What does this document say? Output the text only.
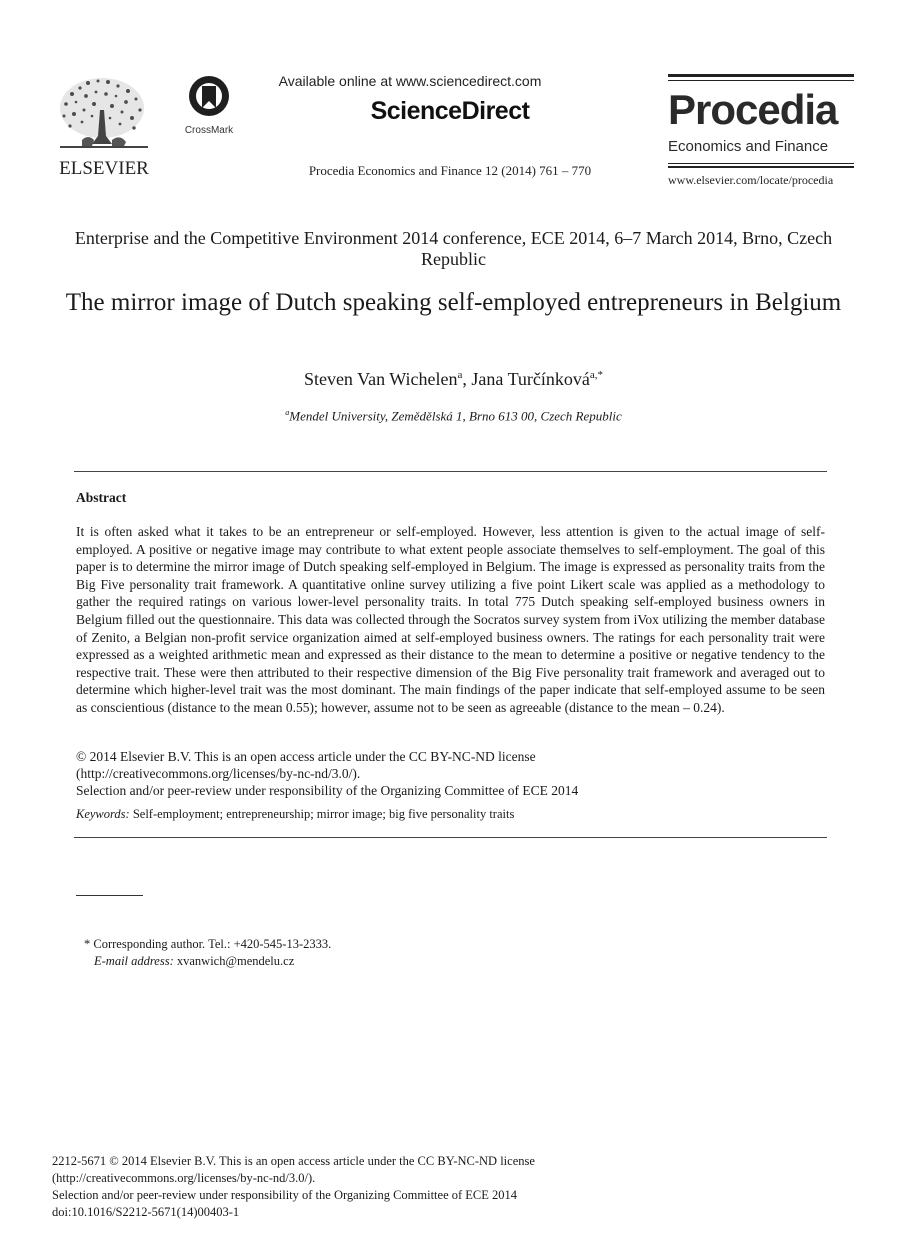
ELSEVIER
CrossMark
Available online at www.sciencedirect.com
ScienceDirect
Procedia Economics and Finance 12 (2014) 761 – 770
Procedia
Economics and Finance
www.elsevier.com/locate/procedia
Enterprise and the Competitive Environment 2014 conference, ECE 2014, 6–7 March 2014, Brno, Czech Republic
The mirror image of Dutch speaking self-employed entrepreneurs in Belgium
Steven Van Wichelen$^a$, Jana Turčínková$^{a,*}$
$^a$Mendel University, Zemědělská 1, Brno 613 00, Czech Republic
Abstract
It is often asked what it takes to be an entrepreneur or self-employed. However, less attention is given to the actual image of self-employed. A positive or negative image may contribute to what extent people associate themselves to self-employment. The goal of this paper is to determine the mirror image of Dutch speaking self-employed in Belgium. The image is expressed as personality traits from the Big Five personality trait framework. A quantitative online survey utilizing a five point Likert scale was applied as a methodology to gather the required ratings on various lower-level personality traits. In total 775 Dutch speaking self-employed business owners in Belgium filled out the questionnaire. This data was collected through the Socratos survey system from iVox utilizing the member database of Zenito, a Belgian non-profit service organization aimed at self-employed business owners. The ratings for each personality trait were expressed as a weighted arithmetic mean and expressed as their distance to the mean to determine a positive or negative tendency to the respective trait. These were then attributed to their respective dimension of the Big Five personality trait framework and averaged out to determine which higher-level trait was the most dominant. The main findings of the paper indicate that self-employed assume to be seen as conscientious (distance to the mean 0.55); however, assume not to be seen as agreeable (distance to the mean – 0.24).
© 2014 Elsevier B.V. This is an open access article under the CC BY-NC-ND license
(http://creativecommons.org/licenses/by-nc-nd/3.0/).
Selection and/or peer-review under responsibility of the Organizing Committee of ECE 2014
Keywords: Self-employment; entrepreneurship; mirror image; big five personality traits
* Corresponding author. Tel.: +420-545-13-2333.
E-mail address: xvanwich@mendelu.cz
2212-5671 © 2014 Elsevier B.V. This is an open access article under the CC BY-NC-ND license
(http://creativecommons.org/licenses/by-nc-nd/3.0/).
Selection and/or peer-review under responsibility of the Organizing Committee of ECE 2014
doi:10.1016/S2212-5671(14)00403-1
